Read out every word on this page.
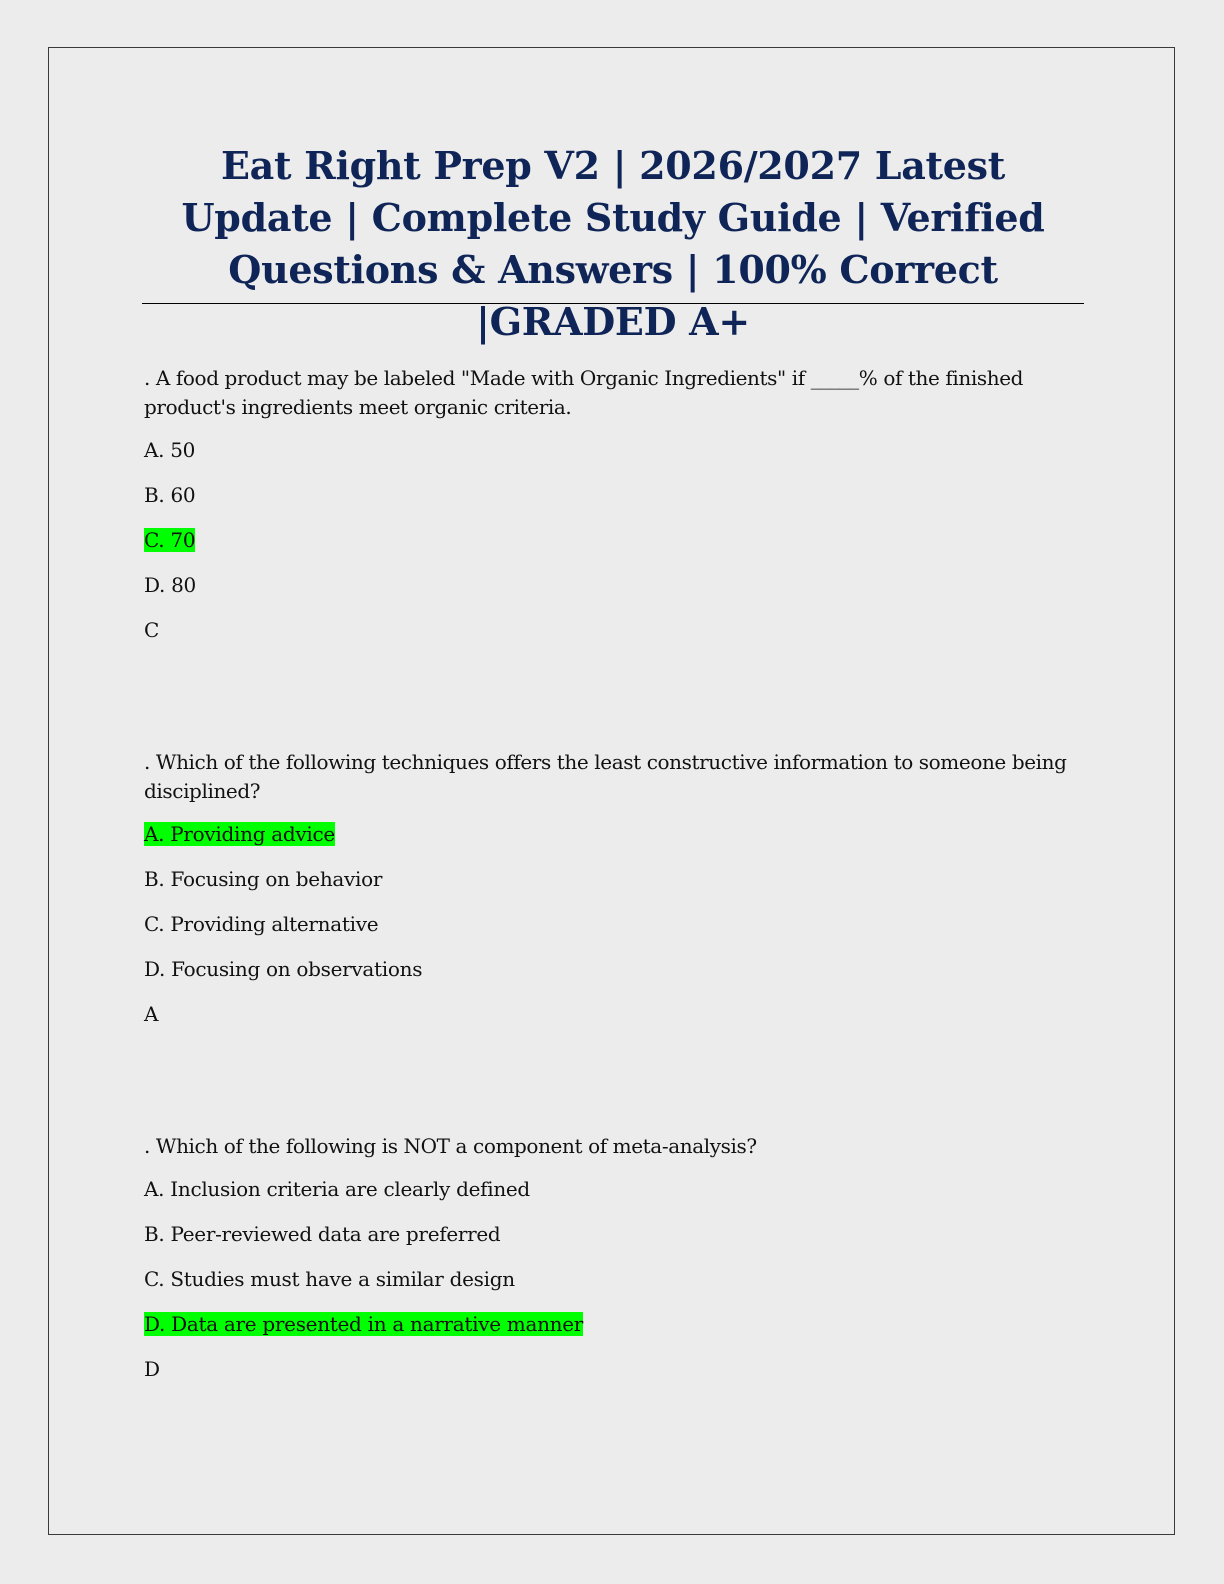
Eat Right Prep V2 | 2026/2027 Latest Update | Complete Study Guide | Verified Questions & Answers | 100% Correct |GRADED A+

. A food product may be labeled "Made with Organic Ingredients" if _____% of the finished product's ingredients meet organic criteria.

A. 50

B. 60

C. 70

D. 80

C

. Which of the following techniques offers the least constructive information to someone being disciplined?

A. Providing advice

B. Focusing on behavior

C. Providing alternative

D. Focusing on observations

A

. Which of the following is NOT a component of meta-analysis?

A. Inclusion criteria are clearly defined

B. Peer-reviewed data are preferred

C. Studies must have a similar design

D. Data are presented in a narrative manner

D
